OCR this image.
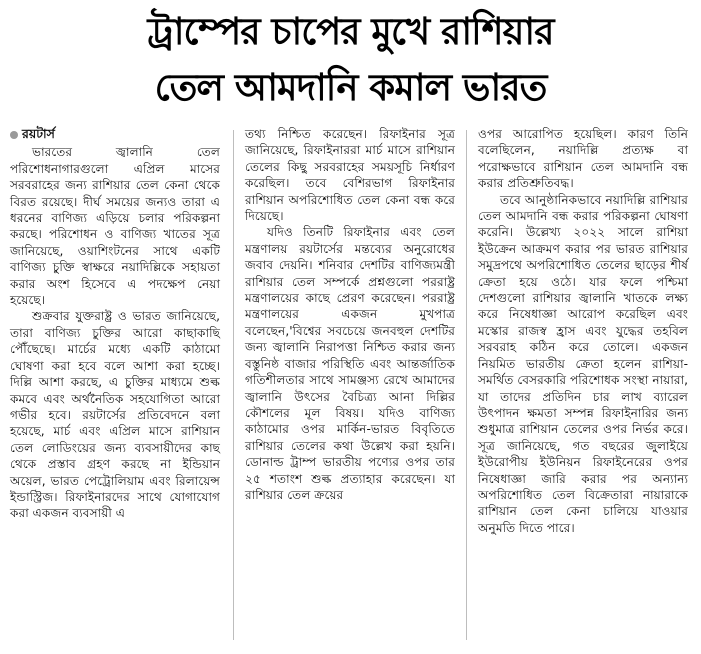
ট্রাম্পের চাপের মুখে রাশিয়ার
তেল আমদানি কমাল ভারত
রয়টার্স

ভারতের জ্বালানি তেল পরিশোধনাগারগুলো এপ্রিল মাসের সরবরাহের জন্য রাশিয়ার তেল কেনা থেকে বিরত রয়েছে। দীর্ঘ সময়ের জন্যও তারা এ ধরনের বাণিজ্য এড়িয়ে চলার পরিকল্পনা করছে। পরিশোধন ও বাণিজ্য খাতের সূত্র জানিয়েছে, ওয়াশিংটনের সাথে একটি বাণিজ্য চুক্তি স্বাক্ষরে নয়াদিল্লিকে সহায়তা করার অংশ হিসেবে এ পদক্ষেপ নেয়া হয়েছে।

শুক্রবার যুক্তরাষ্ট্র ও ভারত জানিয়েছে, তারা বাণিজ্য চুক্তির আরো কাছাকাছি পৌঁছেছে। মার্চের মধ্যে একটি কাঠামো ঘোষণা করা হবে বলে আশা করা হচ্ছে। দিল্লি আশা করছে, এ চুক্তির মাধ্যমে শুল্ক কমবে এবং অর্থনৈতিক সহযোগিতা আরো গভীর হবে। রয়টার্সের প্রতিবেদনে বলা হয়েছে, মার্চ এবং এপ্রিল মাসে রাশিয়ান তেল লোডিংয়ের জন্য ব্যবসায়ীদের কাছ থেকে প্রস্তাব গ্রহণ করছে না ইন্ডিয়ান অয়েল, ভারত পেট্রোলিয়াম এবং রিলায়েন্স ইন্ডাস্ট্রিজ। রিফাইনারদের সাথে যোগাযোগ করা একজন ব্যবসায়ী এ

তথ্য নিশ্চিত করেছেন। রিফাইনার সূত্র জানিয়েছে, রিফাইনাররা মার্চ মাসে রাশিয়ান তেলের কিছু সরবরাহের সময়সূচি নির্ধারণ করেছিল। তবে বেশিরভাগ রিফাইনার রাশিয়ান অপরিশোধিত তেল কেনা বন্ধ করে দিয়েছে।

যদিও তিনটি রিফাইনার এবং তেল মন্ত্রণালয় রয়টার্সের মন্তব্যের অনুরোধের জবাব দেয়নি। শনিবার দেশটির বাণিজ্যমন্ত্রী রাশিয়ার তেল সম্পর্কে প্রশ্নগুলো পররাষ্ট্র মন্ত্রণালয়ের কাছে প্রেরণ করেছেন। পররাষ্ট্র মন্ত্রণালয়ের একজন মুখপাত্র বলেছেন,'বিশ্বের সবচেয়ে জনবহুল দেশটির জন্য জ্বালানি নিরাপত্তা নিশ্চিত করার জন্য বস্তুনিষ্ঠ বাজার পরিস্থিতি এবং আন্তর্জাতিক গতিশীলতার সাথে সামঞ্জস্য রেখে আমাদের জ্বালানি উৎসের বৈচিত্র্য আনা দিল্লির কৌশলের মূল বিষয়। যদিও বাণিজ্য কাঠামোর ওপর মার্কিন-ভারত বিবৃতিতে রাশিয়ার তেলের কথা উল্লেখ করা হয়নি। ডোনাল্ড ট্রাম্প ভারতীয় পণ্যের ওপর তার ২৫ শতাংশ শুল্ক প্রত্যাহার করেছেন। যা রাশিয়ার তেল ক্রয়ের

ওপর আরোপিত হয়েছিল। কারণ তিনি বলেছিলেন, নয়াদিল্লি প্রত্যক্ষ বা পরোক্ষভাবে রাশিয়ান তেল আমদানি বন্ধ করার প্রতিশ্রুতিবদ্ধ।

তবে আনুষ্ঠানিকভাবে নয়াদিল্লি রাশিয়ার তেল আমদানি বন্ধ করার পরিকল্পনা ঘোষণা করেনি। উল্লেখ্য ২০২২ সালে রাশিয়া ইউক্রেন আক্রমণ করার পর ভারত রাশিয়ার সমুদ্রপথে অপরিশোধিত তেলের ছাড়ের শীর্ষ ক্রেতা হয়ে ওঠে। যার ফলে পশ্চিমা দেশগুলো রাশিয়ার জ্বালানি খাতকে লক্ষ্য করে নিষেধাজ্ঞা আরোপ করেছিল এবং মস্কোর রাজস্ব হ্রাস এবং যুদ্ধের তহবিল সরবরাহ কঠিন করে তোলে। একজন নিয়মিত ভারতীয় ক্রেতা হলেন রাশিয়া-সমর্থিত বেসরকারি পরিশোধক সংস্থা নায়ারা, যা তাদের প্রতিদিন চার লাখ ব্যারেল উৎপাদন ক্ষমতা সম্পন্ন রিফাইনারির জন্য শুধুমাত্র রাশিয়ান তেলের ওপর নির্ভর করে। সূত্র জানিয়েছে, গত বছরের জুলাইয়ে ইউরোপীয় ইউনিয়ন রিফাইনেরের ওপর নিষেধাজ্ঞা জারি করার পর অন্যান্য অপরিশোধিত তেল বিক্রেতারা নায়ারাকে রাশিয়ান তেল কেনা চালিয়ে যাওয়ার অনুমতি দিতে পারে।
